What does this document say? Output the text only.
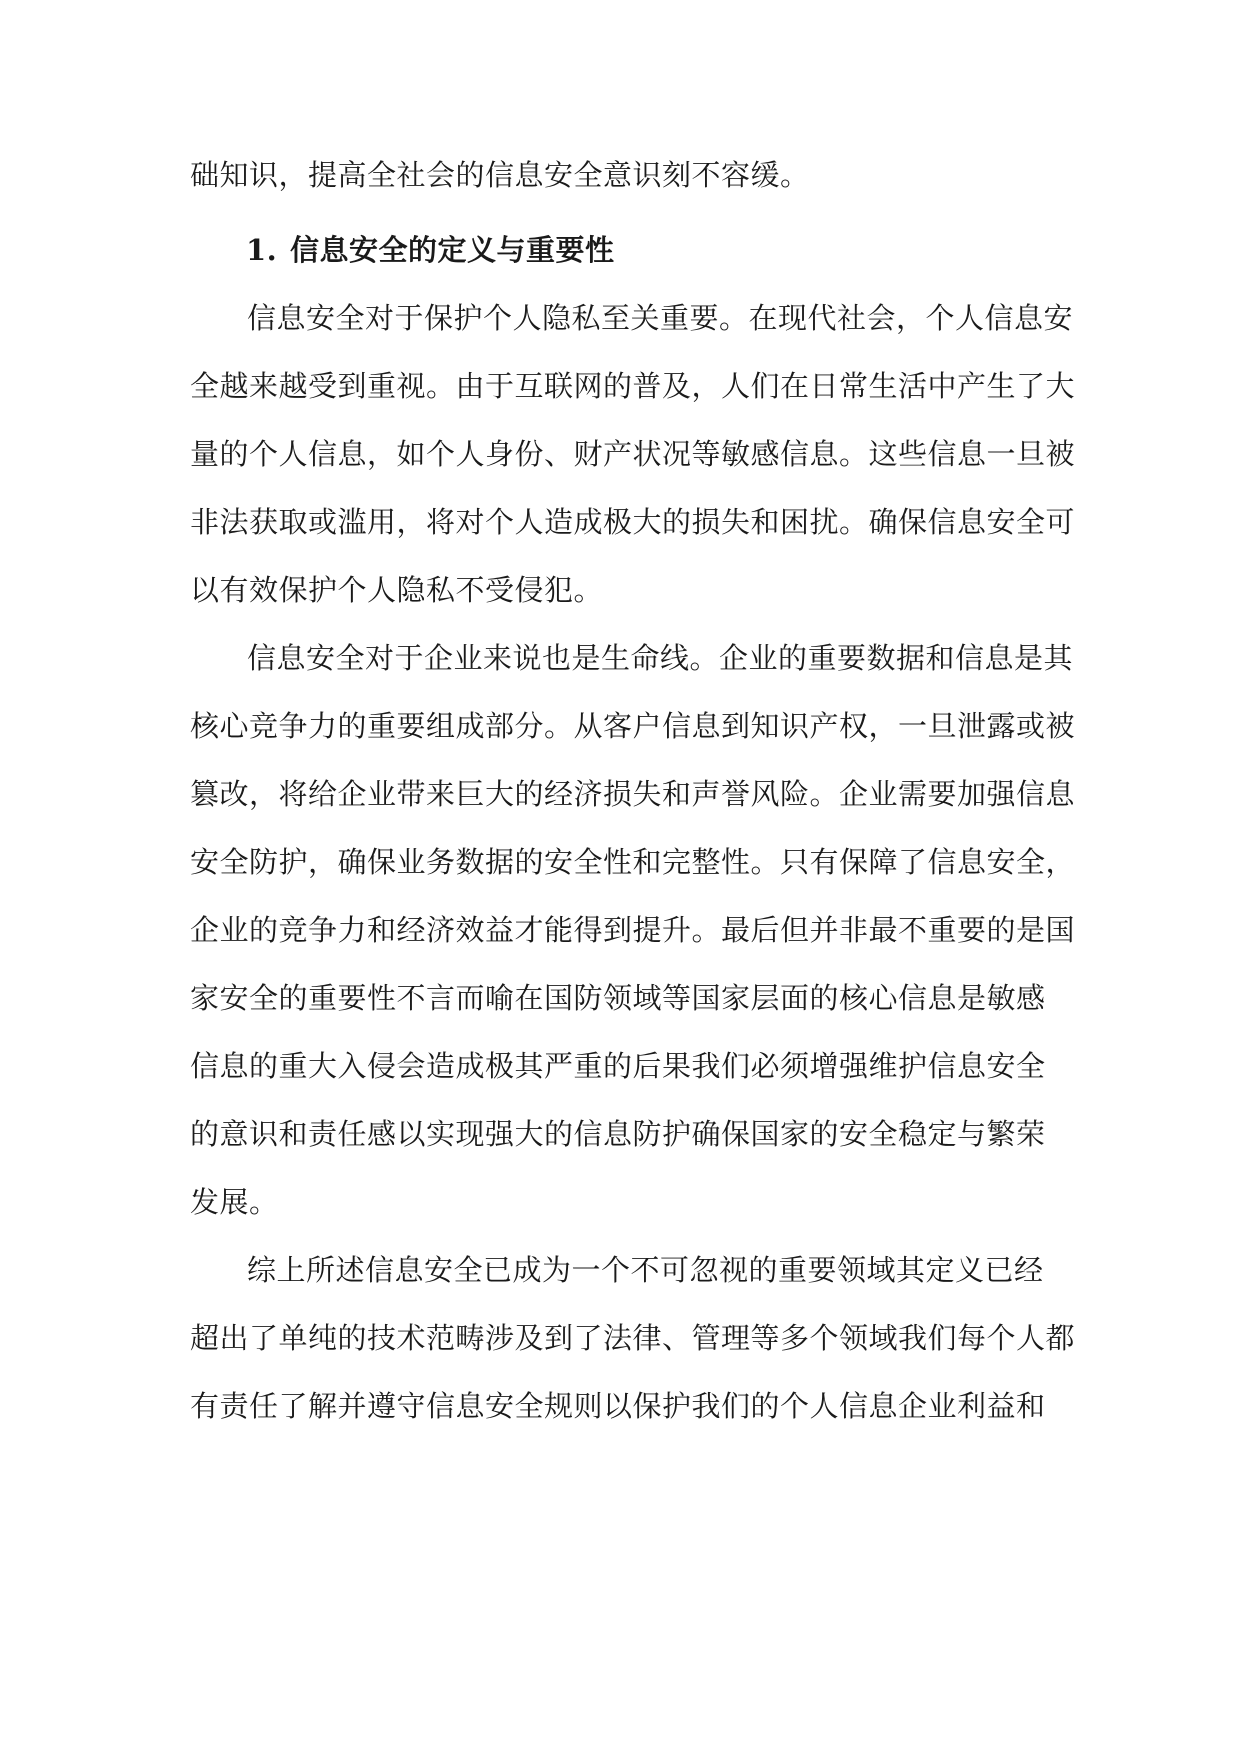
础知识，提高全社会的信息安全意识刻不容缓。
1. 信息安全的定义与重要性
信息安全对于保护个人隐私至关重要。在现代社会，个人信息安
全越来越受到重视。由于互联网的普及，人们在日常生活中产生了大
量的个人信息，如个人身份、财产状况等敏感信息。这些信息一旦被
非法获取或滥用，将对个人造成极大的损失和困扰。确保信息安全可
以有效保护个人隐私不受侵犯。
信息安全对于企业来说也是生命线。企业的重要数据和信息是其
核心竞争力的重要组成部分。从客户信息到知识产权，一旦泄露或被
篡改，将给企业带来巨大的经济损失和声誉风险。企业需要加强信息
安全防护，确保业务数据的安全性和完整性。只有保障了信息安全，
企业的竞争力和经济效益才能得到提升。最后但并非最不重要的是国
家安全的重要性不言而喻在国防领域等国家层面的核心信息是敏感
信息的重大入侵会造成极其严重的后果我们必须增强维护信息安全
的意识和责任感以实现强大的信息防护确保国家的安全稳定与繁荣
发展。
综上所述信息安全已成为一个不可忽视的重要领域其定义已经
超出了单纯的技术范畴涉及到了法律、管理等多个领域我们每个人都
有责任了解并遵守信息安全规则以保护我们的个人信息企业利益和
